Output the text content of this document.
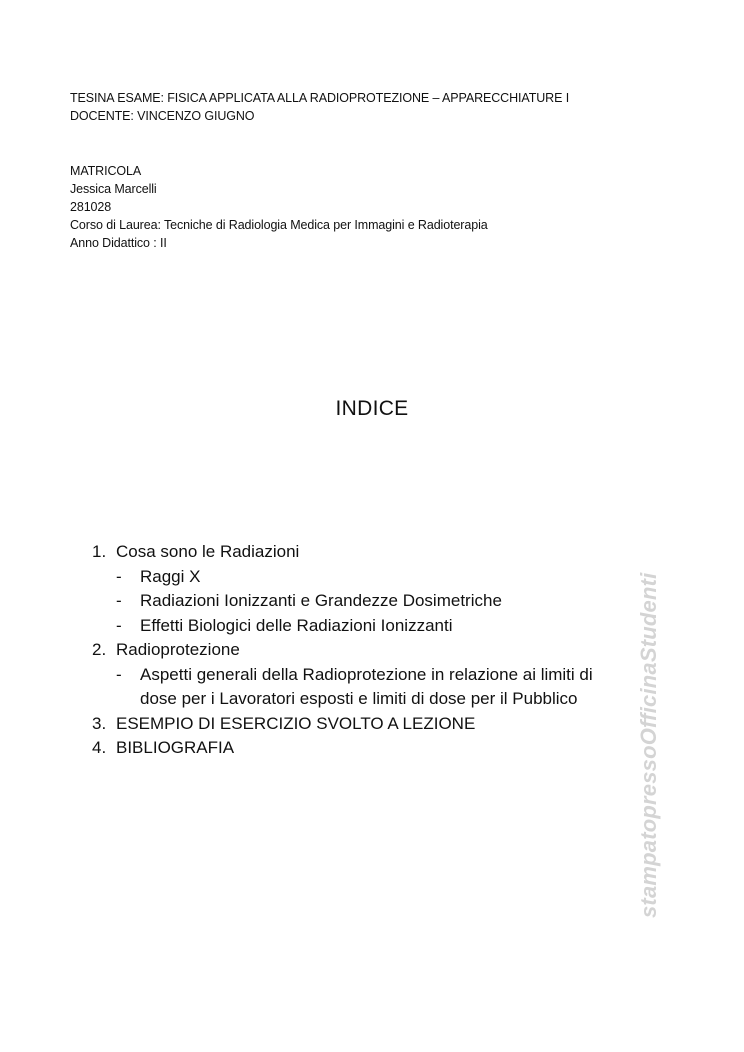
TESINA ESAME: FISICA APPLICATA ALLA RADIOPROTEZIONE – APPARECCHIATURE I
DOCENTE: VINCENZO GIUGNO
MATRICOLA
Jessica Marcelli
281028
Corso di Laurea: Tecniche di Radiologia Medica per Immagini e Radioterapia
Anno Didattico : II
INDICE
1. Cosa sono le Radiazioni
- Raggi X
- Radiazioni Ionizzanti e Grandezze Dosimetriche
- Effetti Biologici delle Radiazioni Ionizzanti
2. Radioprotezione
- Aspetti generali della Radioprotezione in relazione ai limiti di
dose per i Lavoratori esposti e limiti di dose per il Pubblico
3. ESEMPIO DI ESERCIZIO SVOLTO A LEZIONE
4. BIBLIOGRAFIA	stampatopressoOfficinaStudenti
